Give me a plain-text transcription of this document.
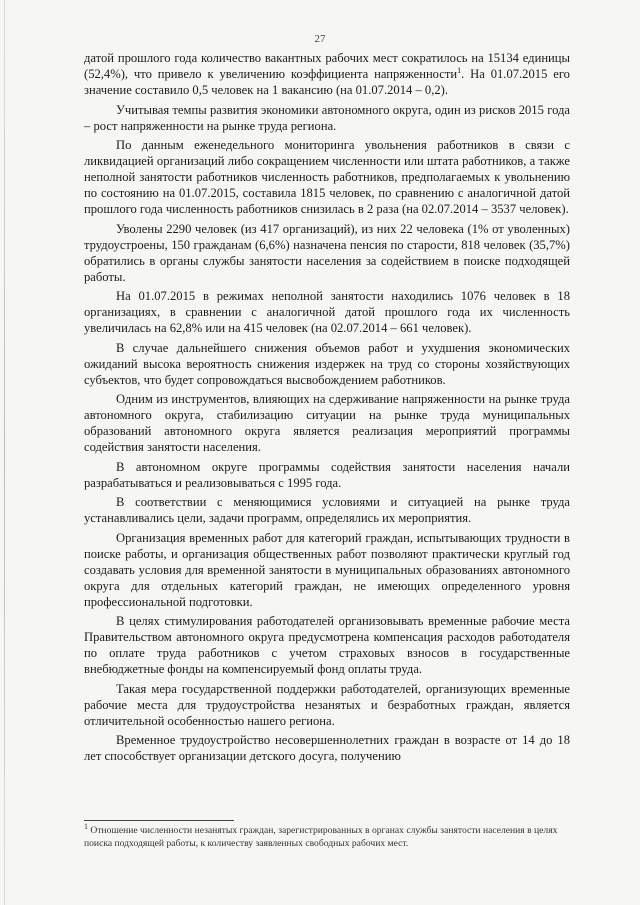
27

датой прошлого года количество вакантных рабочих мест сократилось на 15134 единицы (52,4%), что привело к увеличению коэффициента напряженности$^1$. На 01.07.2015 его значение составило 0,5 человек на 1 вакансию (на 01.07.2014 – 0,2).

Учитывая темпы развития экономики автономного округа, один из рисков 2015 года – рост напряженности на рынке труда региона.

По данным еженедельного мониторинга увольнения работников в связи с ликвидацией организаций либо сокращением численности или штата работников, а также неполной занятости работников численность работников, предполагаемых к увольнению по состоянию на 01.07.2015, составила 1815 человек, по сравнению с аналогичной датой прошлого года численность работников снизилась в 2 раза (на 02.07.2014 – 3537 человек).

Уволены 2290 человек (из 417 организаций), из них 22 человека (1% от уволенных) трудоустроены, 150 гражданам (6,6%) назначена пенсия по старости, 818 человек (35,7%) обратились в органы службы занятости населения за содействием в поиске подходящей работы.

На 01.07.2015 в режимах неполной занятости находились 1076 человек в 18 организациях, в сравнении с аналогичной датой прошлого года их численность увеличилась на 62,8% или на 415 человек (на 02.07.2014 – 661 человек).

В случае дальнейшего снижения объемов работ и ухудшения экономических ожиданий высока вероятность снижения издержек на труд со стороны хозяйствующих субъектов, что будет сопровождаться высвобождением работников.

Одним из инструментов, влияющих на сдерживание напряженности на рынке труда автономного округа, стабилизацию ситуации на рынке труда муниципальных образований автономного округа является реализация мероприятий программы содействия занятости населения.

В автономном округе программы содействия занятости населения начали разрабатываться и реализовываться с 1995 года.

В соответствии с меняющимися условиями и ситуацией на рынке труда устанавливались цели, задачи программ, определялись их мероприятия.

Организация временных работ для категорий граждан, испытывающих трудности в поиске работы, и организация общественных работ позволяют практически круглый год создавать условия для временной занятости в муниципальных образованиях автономного округа для отдельных категорий граждан, не имеющих определенного уровня профессиональной подготовки.

В целях стимулирования работодателей организовывать временные рабочие места Правительством автономного округа предусмотрена компенсация расходов работодателя по оплате труда работников с учетом страховых взносов в государственные внебюджетные фонды на компенсируемый фонд оплаты труда.

Такая мера государственной поддержки работодателей, организующих временные рабочие места для трудоустройства незанятых и безработных граждан, является отличительной особенностью нашего региона.

Временное трудоустройство несовершеннолетних граждан в возрасте от 14 до 18 лет способствует организации детского досуга, получению

$^1$ Отношение численности незанятых граждан, зарегистрированных в органах службы занятости населения в целях поиска подходящей работы, к количеству заявленных свободных рабочих мест.
